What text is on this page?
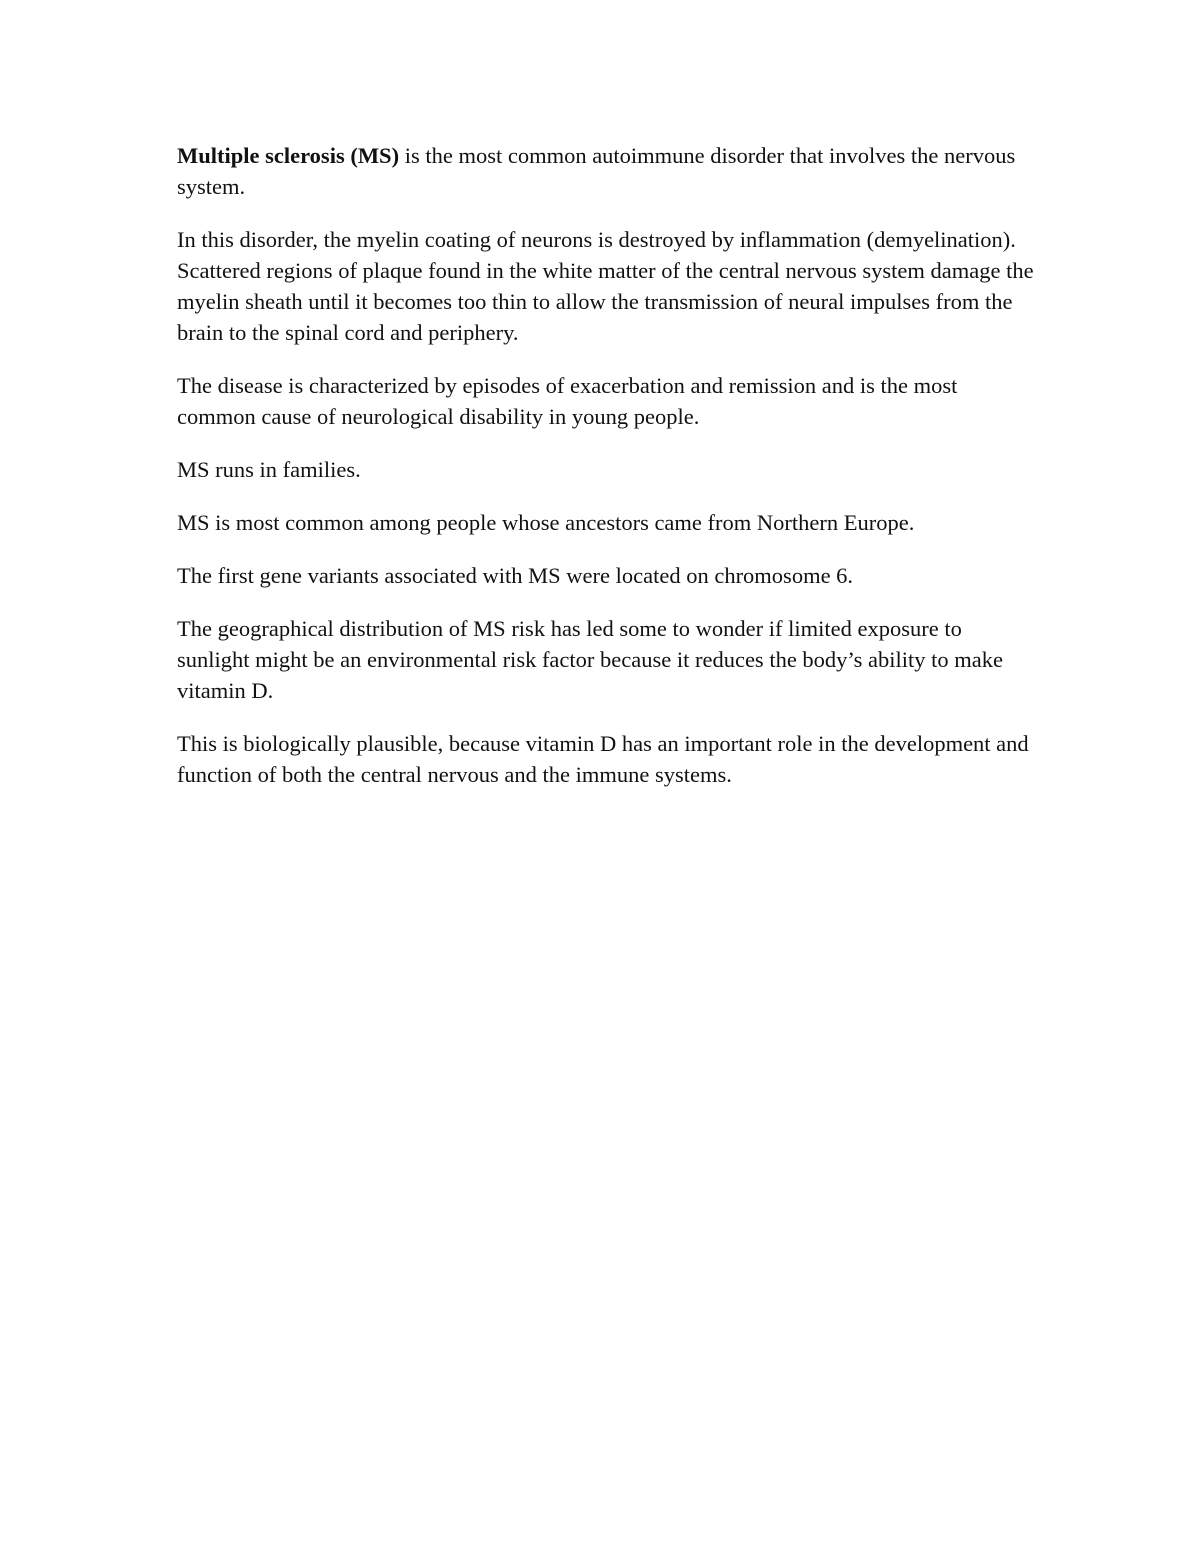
Multiple sclerosis (MS) is the most common autoimmune disorder that involves the nervous system.

In this disorder, the myelin coating of neurons is destroyed by inflammation (demyelination). Scattered regions of plaque found in the white matter of the central nervous system damage the myelin sheath until it becomes too thin to allow the transmission of neural impulses from the brain to the spinal cord and periphery.

The disease is characterized by episodes of exacerbation and remission and is the most common cause of neurological disability in young people.

MS runs in families.

MS is most common among people whose ancestors came from Northern Europe.

The first gene variants associated with MS were located on chromosome 6.

The geographical distribution of MS risk has led some to wonder if limited exposure to sunlight might be an environmental risk factor because it reduces the body’s ability to make vitamin D.

This is biologically plausible, because vitamin D has an important role in the development and function of both the central nervous and the immune systems.
